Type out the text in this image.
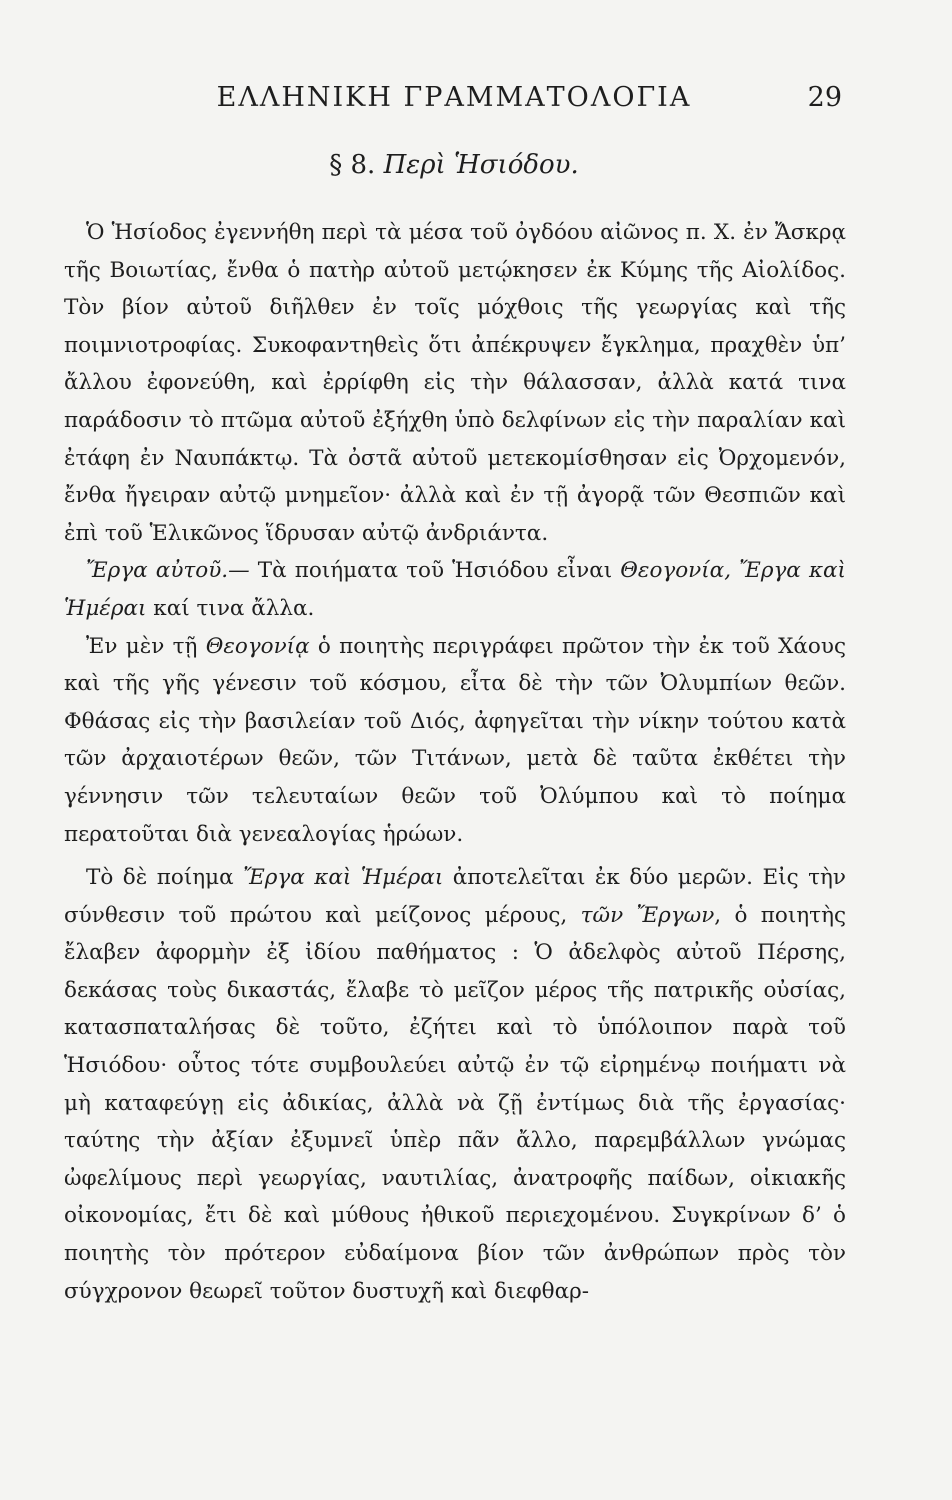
ΕΛΛΗΝΙΚΗ ΓΡΑΜΜΑΤΟΛΟΓΙΑ	29
§ 8. Περὶ Ἡσιόδου.

Ὁ Ἡσίοδος ἐγεννήθη περὶ τὰ μέσα τοῦ ὀγδόου αἰῶνος π. Χ. ἐν Ἄσκρᾳ τῆς Βοιωτίας, ἔνθα ὁ πατὴρ αὐτοῦ μετῴκησεν ἐκ Κύμης τῆς Αἰολίδος. Τὸν βίον αὐτοῦ διῆλθεν ἐν τοῖς μόχθοις τῆς γεωργίας καὶ τῆς ποιμνιοτροφίας. Συκοφαντηθεὶς ὅτι ἀπέκρυψεν ἔγκλημα, πραχθὲν ὑπ’ ἄλλου ἐφονεύθη, καὶ ἐρρίφθη εἰς τὴν θάλασσαν, ἀλλὰ κατά τινα παράδοσιν τὸ πτῶμα αὐτοῦ ἐξήχθη ὑπὸ δελφίνων εἰς τὴν παραλίαν καὶ ἐτάφη ἐν Ναυπάκτῳ. Τὰ ὀστᾶ αὐτοῦ μετεκομίσθησαν εἰς Ὀρχομενόν, ἔνθα ἤγειραν αὐτῷ μνημεῖον· ἀλλὰ καὶ ἐν τῇ ἀγορᾷ τῶν Θεσπιῶν καὶ ἐπὶ τοῦ Ἑλικῶνος ἵδρυσαν αὐτῷ ἀνδριάντα.

Ἔργα αὐτοῦ.— Τὰ ποιήματα τοῦ Ἡσιόδου εἶναι Θεογονία, Ἔργα καὶ Ἡμέραι καί τινα ἄλλα.

Ἐν μὲν τῇ Θεογονίᾳ ὁ ποιητὴς περιγράφει πρῶτον τὴν ἐκ τοῦ Χάους καὶ τῆς γῆς γένεσιν τοῦ κόσμου, εἶτα δὲ τὴν τῶν Ὀλυμπίων θεῶν. Φθάσας εἰς τὴν βασιλείαν τοῦ Διός, ἀφηγεῖται τὴν νίκην τούτου κατὰ τῶν ἀρχαιοτέρων θεῶν, τῶν Τιτάνων, μετὰ δὲ ταῦτα ἐκθέτει τὴν γέννησιν τῶν τελευταίων θεῶν τοῦ Ὀλύμπου καὶ τὸ ποίημα περατοῦται διὰ γενεαλογίας ἡρώων.

Τὸ δὲ ποίημα Ἔργα καὶ Ἡμέραι ἀποτελεῖται ἐκ δύο μερῶν. Εἰς τὴν σύνθεσιν τοῦ πρώτου καὶ μείζονος μέρους, τῶν Ἔργων, ὁ ποιητὴς ἔλαβεν ἀφορμὴν ἐξ ἰδίου παθήματος : Ὁ ἀδελφὸς αὐτοῦ Πέρσης, δεκάσας τοὺς δικαστάς, ἔλαβε τὸ μεῖζον μέρος τῆς πατρικῆς οὐσίας, κατασπαταλήσας δὲ τοῦτο, ἐζήτει καὶ τὸ ὑπόλοιπον παρὰ τοῦ Ἡσιόδου· οὗτος τότε συμβουλεύει αὐτῷ ἐν τῷ εἰρημένῳ ποιήματι νὰ μὴ καταφεύγῃ εἰς ἀδικίας, ἀλλὰ νὰ ζῇ ἐντίμως διὰ τῆς ἐργασίας· ταύτης τὴν ἀξίαν ἐξυμνεῖ ὑπὲρ πᾶν ἄλλο, παρεμβάλλων γνώμας ὠφελίμους περὶ γεωργίας, ναυτιλίας, ἀνατροφῆς παίδων, οἰκιακῆς οἰκονομίας, ἔτι δὲ καὶ μύθους ἠθικοῦ περιεχομένου. Συγκρίνων δ’ ὁ ποιητὴς τὸν πρότερον εὐδαίμονα βίον τῶν ἀνθρώπων πρὸς τὸν σύγχρονον θεωρεῖ τοῦτον δυστυχῆ καὶ διεφθαρ-
